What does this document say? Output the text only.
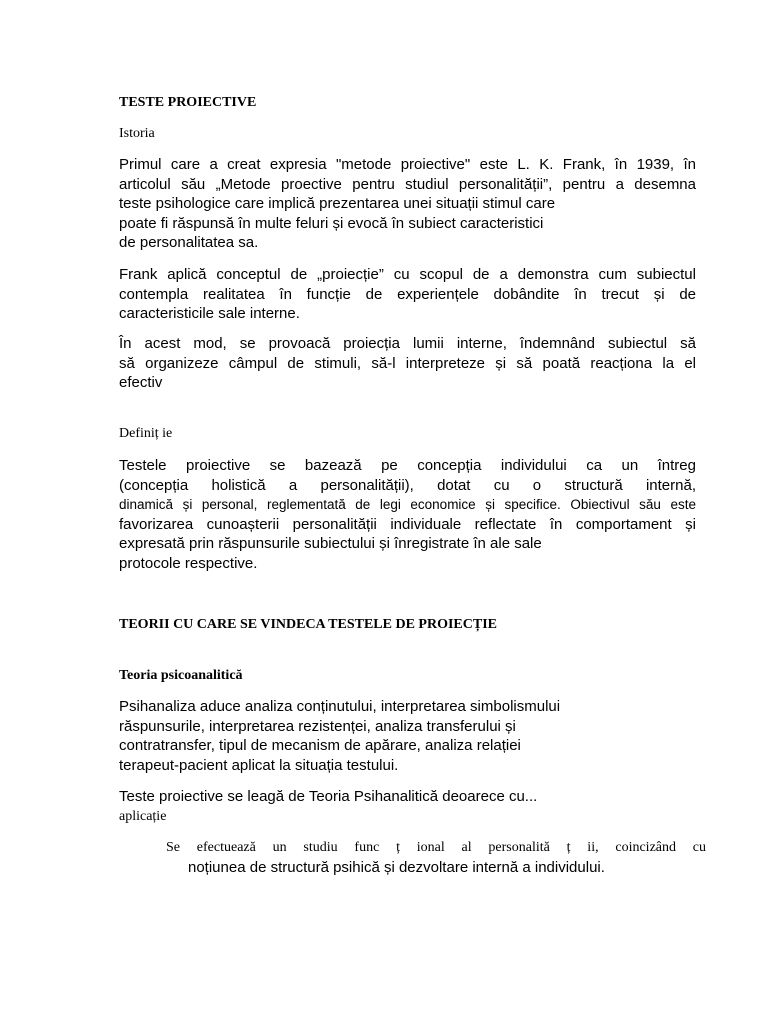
TESTE PROIECTIVE
Istoria
Primul care a creat expresia "metode proiective" este L. K. Frank, în 1939, în
articolul său „Metode proective pentru studiul personalității”, pentru a desemna
teste psihologice care implică prezentarea unei situații stimul care
poate fi răspunsă în multe feluri și evocă în subiect caracteristici
de personalitatea sa.
Frank aplică conceptul de „proiecție” cu scopul de a demonstra cum subiectul
contempla realitatea în funcție de experiențele dobândite în trecut și de
caracteristicile sale interne.
În acest mod, se provoacă proiecția lumii interne, îndemnând subiectul să
să organizeze câmpul de stimuli, să-l interpreteze și să poată reacționa la el
efectiv
Definiț ie
Testele proiective se bazează pe concepția individului ca un întreg
(concepția holistică a personalității), dotat cu o structură internă,
dinamică și personal, reglementată de legi economice și specifice. Obiectivul său este
favorizarea cunoașterii personalității individuale reflectate în comportament și
expresată prin răspunsurile subiectului și înregistrate în ale sale
protocole respective.
TEORII CU CARE SE VINDECA TESTELE DE PROIECȚIE
Teoria psicoanalitică
Psihanaliza aduce analiza conținutului, interpretarea simbolismului
răspunsurile, interpretarea rezistenței, analiza transferului și
contratransfer, tipul de mecanism de apărare, analiza relației
terapeut-pacient aplicat la situația testului.
Teste proiective se leagă de Teoria Psihanalitică deoarece cu...
aplicație
Se efectuează un studiu func ț ional al personalită ț ii, coincizând cu
noțiunea de structură psihică și dezvoltare internă a individului.
